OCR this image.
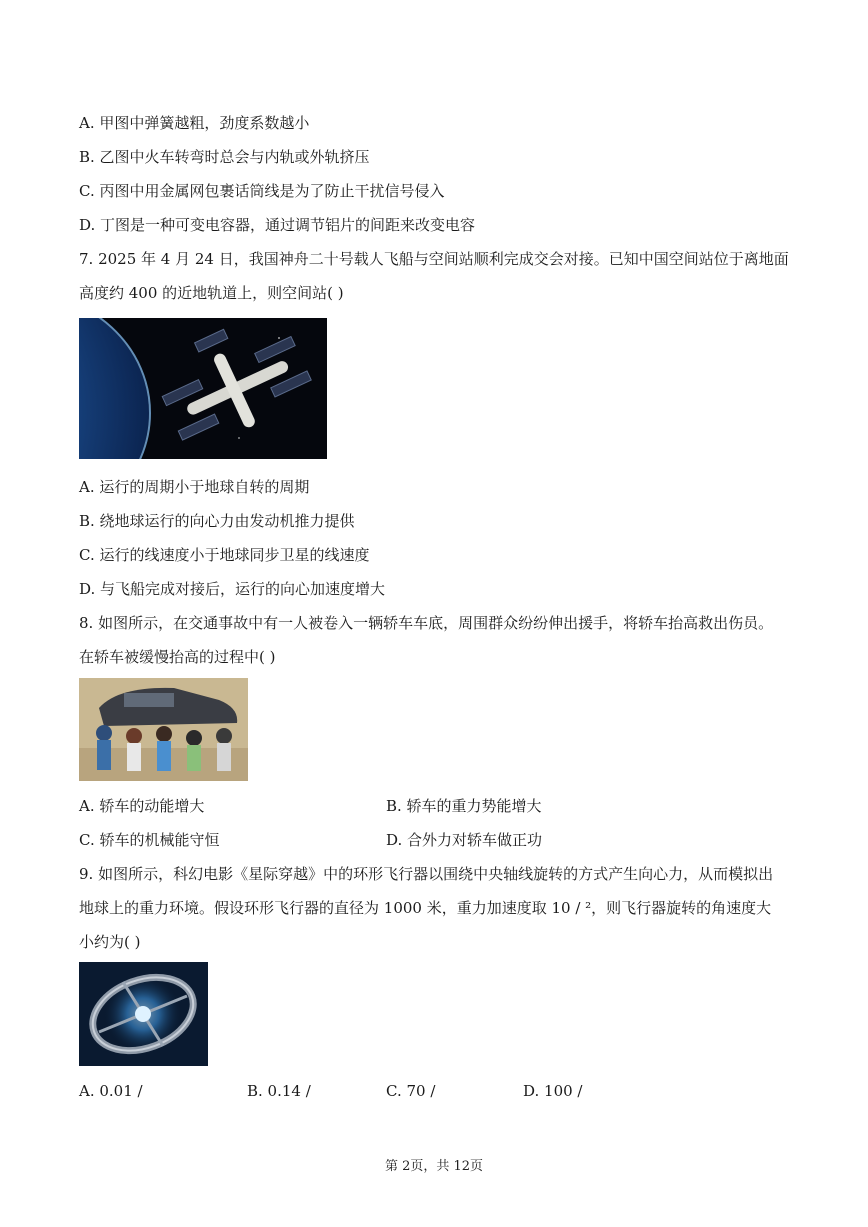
A. 甲图中弹簧越粗，劲度系数越小
B. 乙图中火车转弯时总会与内轨或外轨挤压
C. 丙图中用金属网包裹话筒线是为了防止干扰信号侵入
D. 丁图是一种可变电容器，通过调节铝片的间距来改变电容
7. 2025 年 4 月 24 日，我国神舟二十号载人飞船与空间站顺利完成交会对接。已知中国空间站位于离地面
高度约 400 的近地轨道上，则空间站( )
A. 运行的周期小于地球自转的周期
B. 绕地球运行的向心力由发动机推力提供
C. 运行的线速度小于地球同步卫星的线速度
D. 与飞船完成对接后，运行的向心加速度增大
8. 如图所示，在交通事故中有一人被卷入一辆轿车车底，周围群众纷纷伸出援手，将轿车抬高救出伤员。
在轿车被缓慢抬高的过程中( )
A. 轿车的动能增大	B. 轿车的重力势能增大
C. 轿车的机械能守恒	D. 合外力对轿车做正功
9. 如图所示，科幻电影《星际穿越》中的环形飞行器以围绕中央轴线旋转的方式产生向心力，从而模拟出
地球上的重力环境。假设环形飞行器的直径为 1000 米，重力加速度取 10 / ²，则飞行器旋转的角速度大
小约为( )
A. 0.01 /	B. 0.14 /	C. 70 /	D. 100 /
第 2页，共 12页
